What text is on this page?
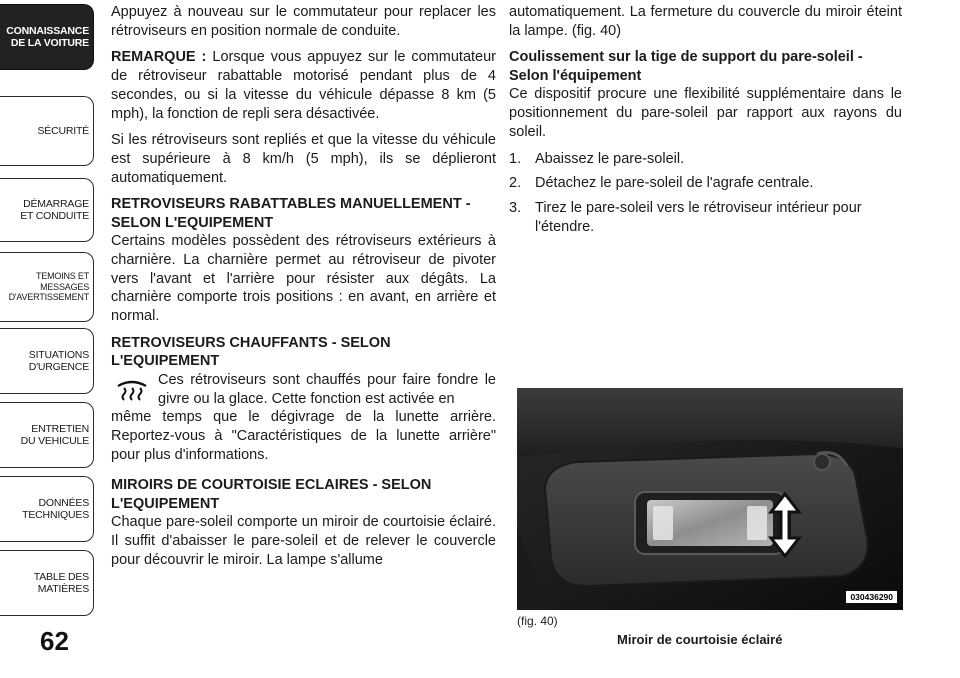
CONNAISSANCE
DE LA VOITURE
SÉCURITÉ
DÉMARRAGE
ET CONDUITE
TEMOINS ET
MESSAGES
D'AVERTISSEMENT
SITUATIONS
D'URGENCE
ENTRETIEN
DU VEHICULE
DONNÉES
TECHNIQUES
TABLE DES
MATIÈRES
62

Appuyez à nouveau sur le commutateur pour replacer les rétroviseurs en position normale de conduite.

REMARQUE : Lorsque vous appuyez sur le commutateur de rétroviseur rabattable motorisé pendant plus de 4 secondes, ou si la vitesse du véhicule dépasse 8 km (5 mph), la fonction de repli sera désactivée.

Si les rétroviseurs sont repliés et que la vitesse du véhicule est supérieure à 8 km/h (5 mph), ils se déplieront automatiquement.

RETROVISEURS RABATTABLES MANUELLEMENT - SELON L'EQUIPEMENT

Certains modèles possèdent des rétroviseurs extérieurs à charnière. La charnière permet au rétroviseur de pivoter vers l'avant et l'arrière pour résister aux dégâts. La charnière comporte trois positions : en avant, en arrière et normal.

RETROVISEURS CHAUFFANTS - SELON L'EQUIPEMENT

Ces rétroviseurs sont chauffés pour faire fondre le givre ou la glace. Cette fonction est activée en
même temps que le dégivrage de la lunette arrière. Reportez-vous à "Caractéristiques de la lunette arrière" pour plus d'informations.

MIROIRS DE COURTOISIE ECLAIRES - SELON L'EQUIPEMENT

Chaque pare-soleil comporte un miroir de courtoisie éclairé. Il suffit d'abaisser le pare-soleil et de relever le couvercle pour découvrir le miroir. La lampe s'allume

automatiquement. La fermeture du couvercle du miroir éteint la lampe. (fig. 40)

Coulissement sur la tige de support du pare-soleil - Selon l'équipement

Ce dispositif procure une flexibilité supplémentaire dans le positionnement du pare-soleil par rapport aux rayons du soleil.

1. Abaissez le pare-soleil.
2. Détachez le pare-soleil de l'agrafe centrale.
3. Tirez le pare-soleil vers le rétroviseur intérieur pour l'étendre.
030436290
(fig. 40)
Miroir de courtoisie éclairé
